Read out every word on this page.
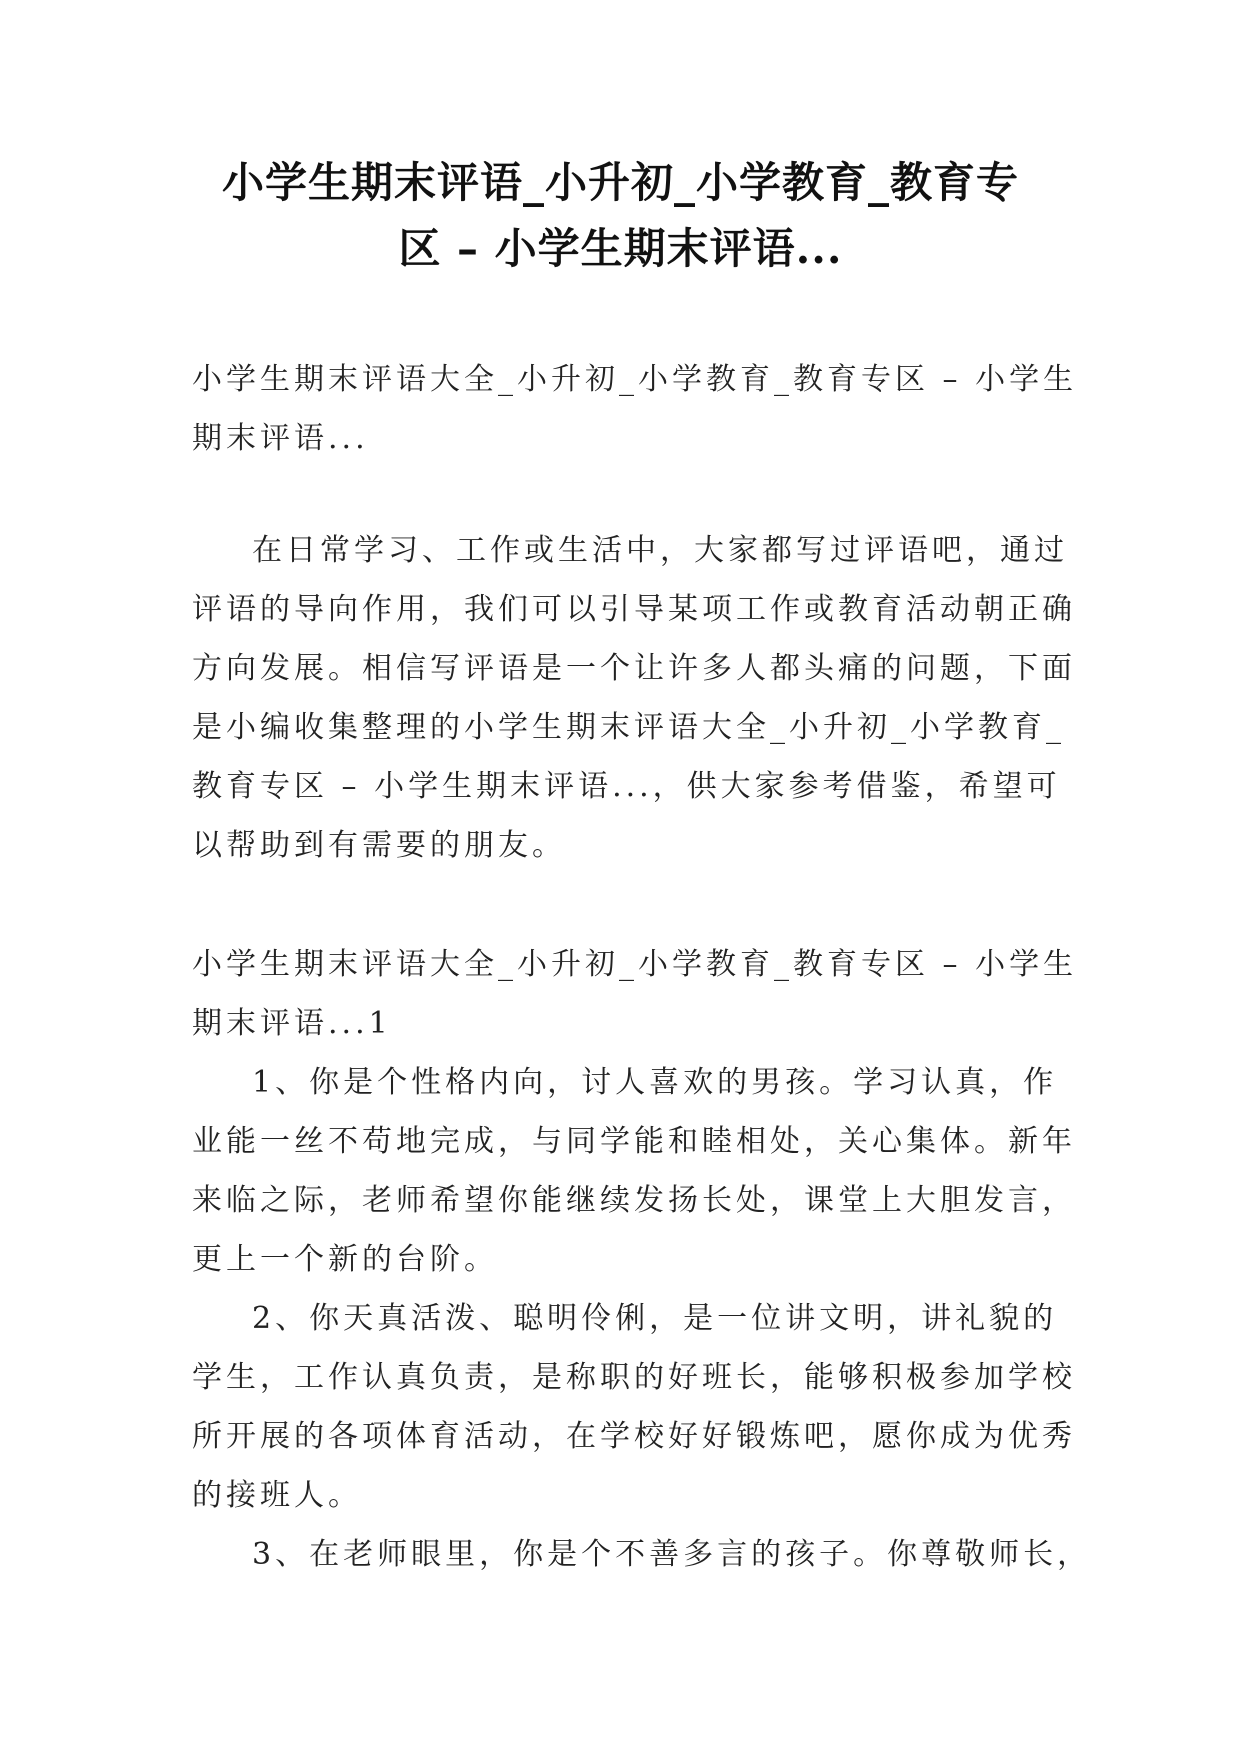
小学生期末评语_小升初_小学教育_教育专
区 – 小学生期末评语...
小学生期末评语大全_小升初_小学教育_教育专区 – 小学生
期末评语...
在日常学习、工作或生活中，大家都写过评语吧，通过
评语的导向作用，我们可以引导某项工作或教育活动朝正确
方向发展。相信写评语是一个让许多人都头痛的问题，下面
是小编收集整理的小学生期末评语大全_小升初_小学教育_
教育专区 – 小学生期末评语...，供大家参考借鉴，希望可
以帮助到有需要的朋友。
小学生期末评语大全_小升初_小学教育_教育专区 – 小学生
期末评语...1
1、你是个性格内向，讨人喜欢的男孩。学习认真，作
业能一丝不苟地完成，与同学能和睦相处，关心集体。新年
来临之际，老师希望你能继续发扬长处，课堂上大胆发言，
更上一个新的台阶。
2、你天真活泼、聪明伶俐，是一位讲文明，讲礼貌的
学生，工作认真负责，是称职的好班长，能够积极参加学校
所开展的各项体育活动，在学校好好锻炼吧，愿你成为优秀
的接班人。
3、在老师眼里，你是个不善多言的孩子。你尊敬师长，
